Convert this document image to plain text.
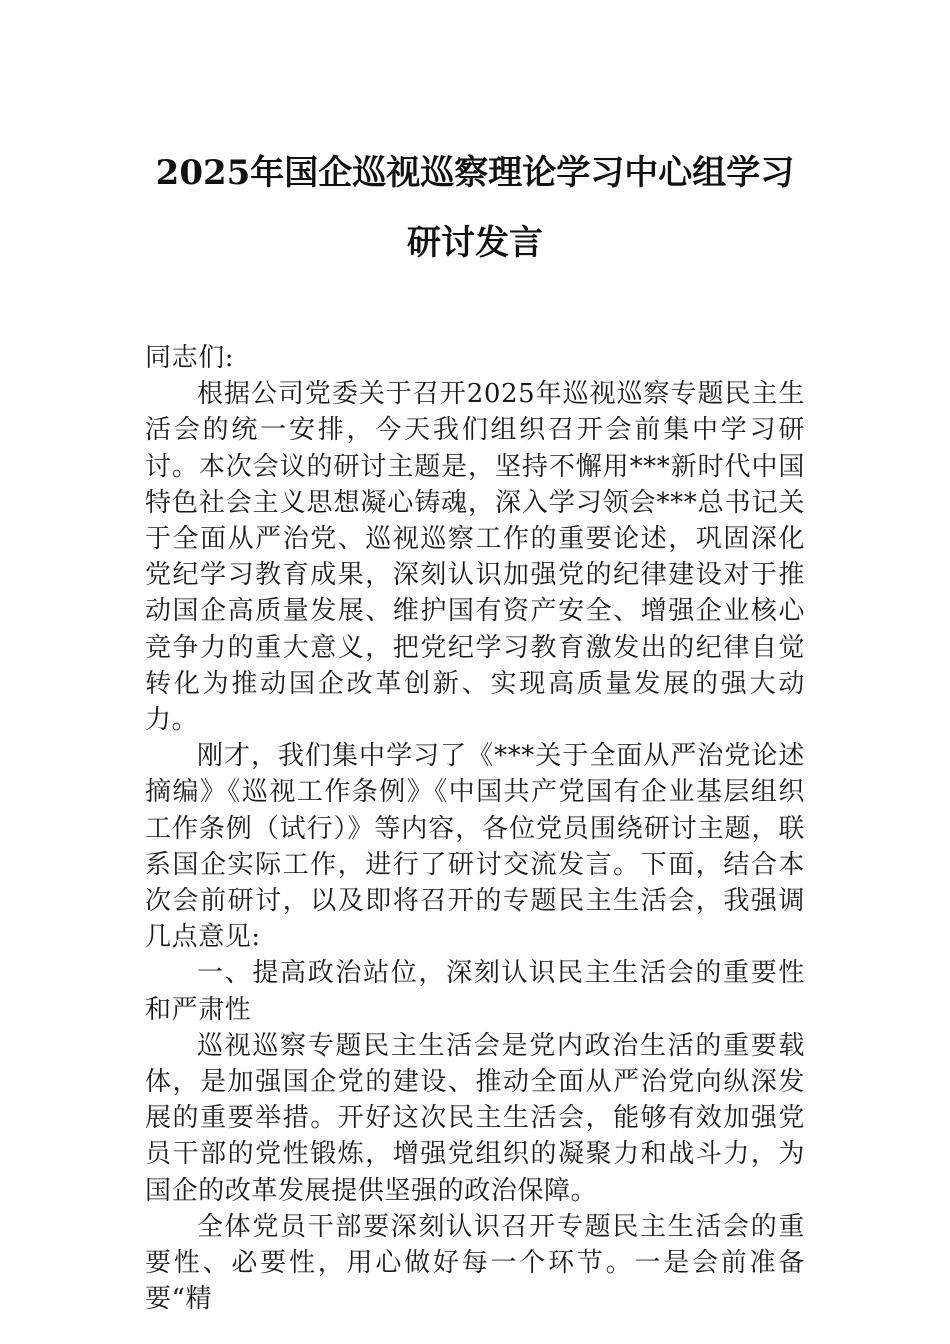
2025年国企巡视巡察理论学习中心组学习
研讨发言

同志们:

根据公司党委关于召开2025年巡视巡察专题民主生活会的统一安排，今天我们组织召开会前集中学习研讨。本次会议的研讨主题是，坚持不懈用***新时代中国特色社会主义思想凝心铸魂，深入学习领会***总书记关于全面从严治党、巡视巡察工作的重要论述，巩固深化党纪学习教育成果，深刻认识加强党的纪律建设对于推动国企高质量发展、维护国有资产安全、增强企业核心竞争力的重大意义，把党纪学习教育激发出的纪律自觉转化为推动国企改革创新、实现高质量发展的强大动力。

刚才，我们集中学习了《***关于全面从严治党论述摘编》《巡视工作条例》《中国共产党国有企业基层组织工作条例（试行）》等内容，各位党员围绕研讨主题，联系国企实际工作，进行了研讨交流发言。下面，结合本次会前研讨，以及即将召开的专题民主生活会，我强调几点意见:

一、提高政治站位，深刻认识民主生活会的重要性和严肃性

巡视巡察专题民主生活会是党内政治生活的重要载体，是加强国企党的建设、推动全面从严治党向纵深发展的重要举措。开好这次民主生活会，能够有效加强党员干部的党性锻炼，增强党组织的凝聚力和战斗力，为国企的改革发展提供坚强的政治保障。

全体党员干部要深刻认识召开专题民主生活会的重要性、必要性，用心做好每一个环节。一是会前准备要“精
